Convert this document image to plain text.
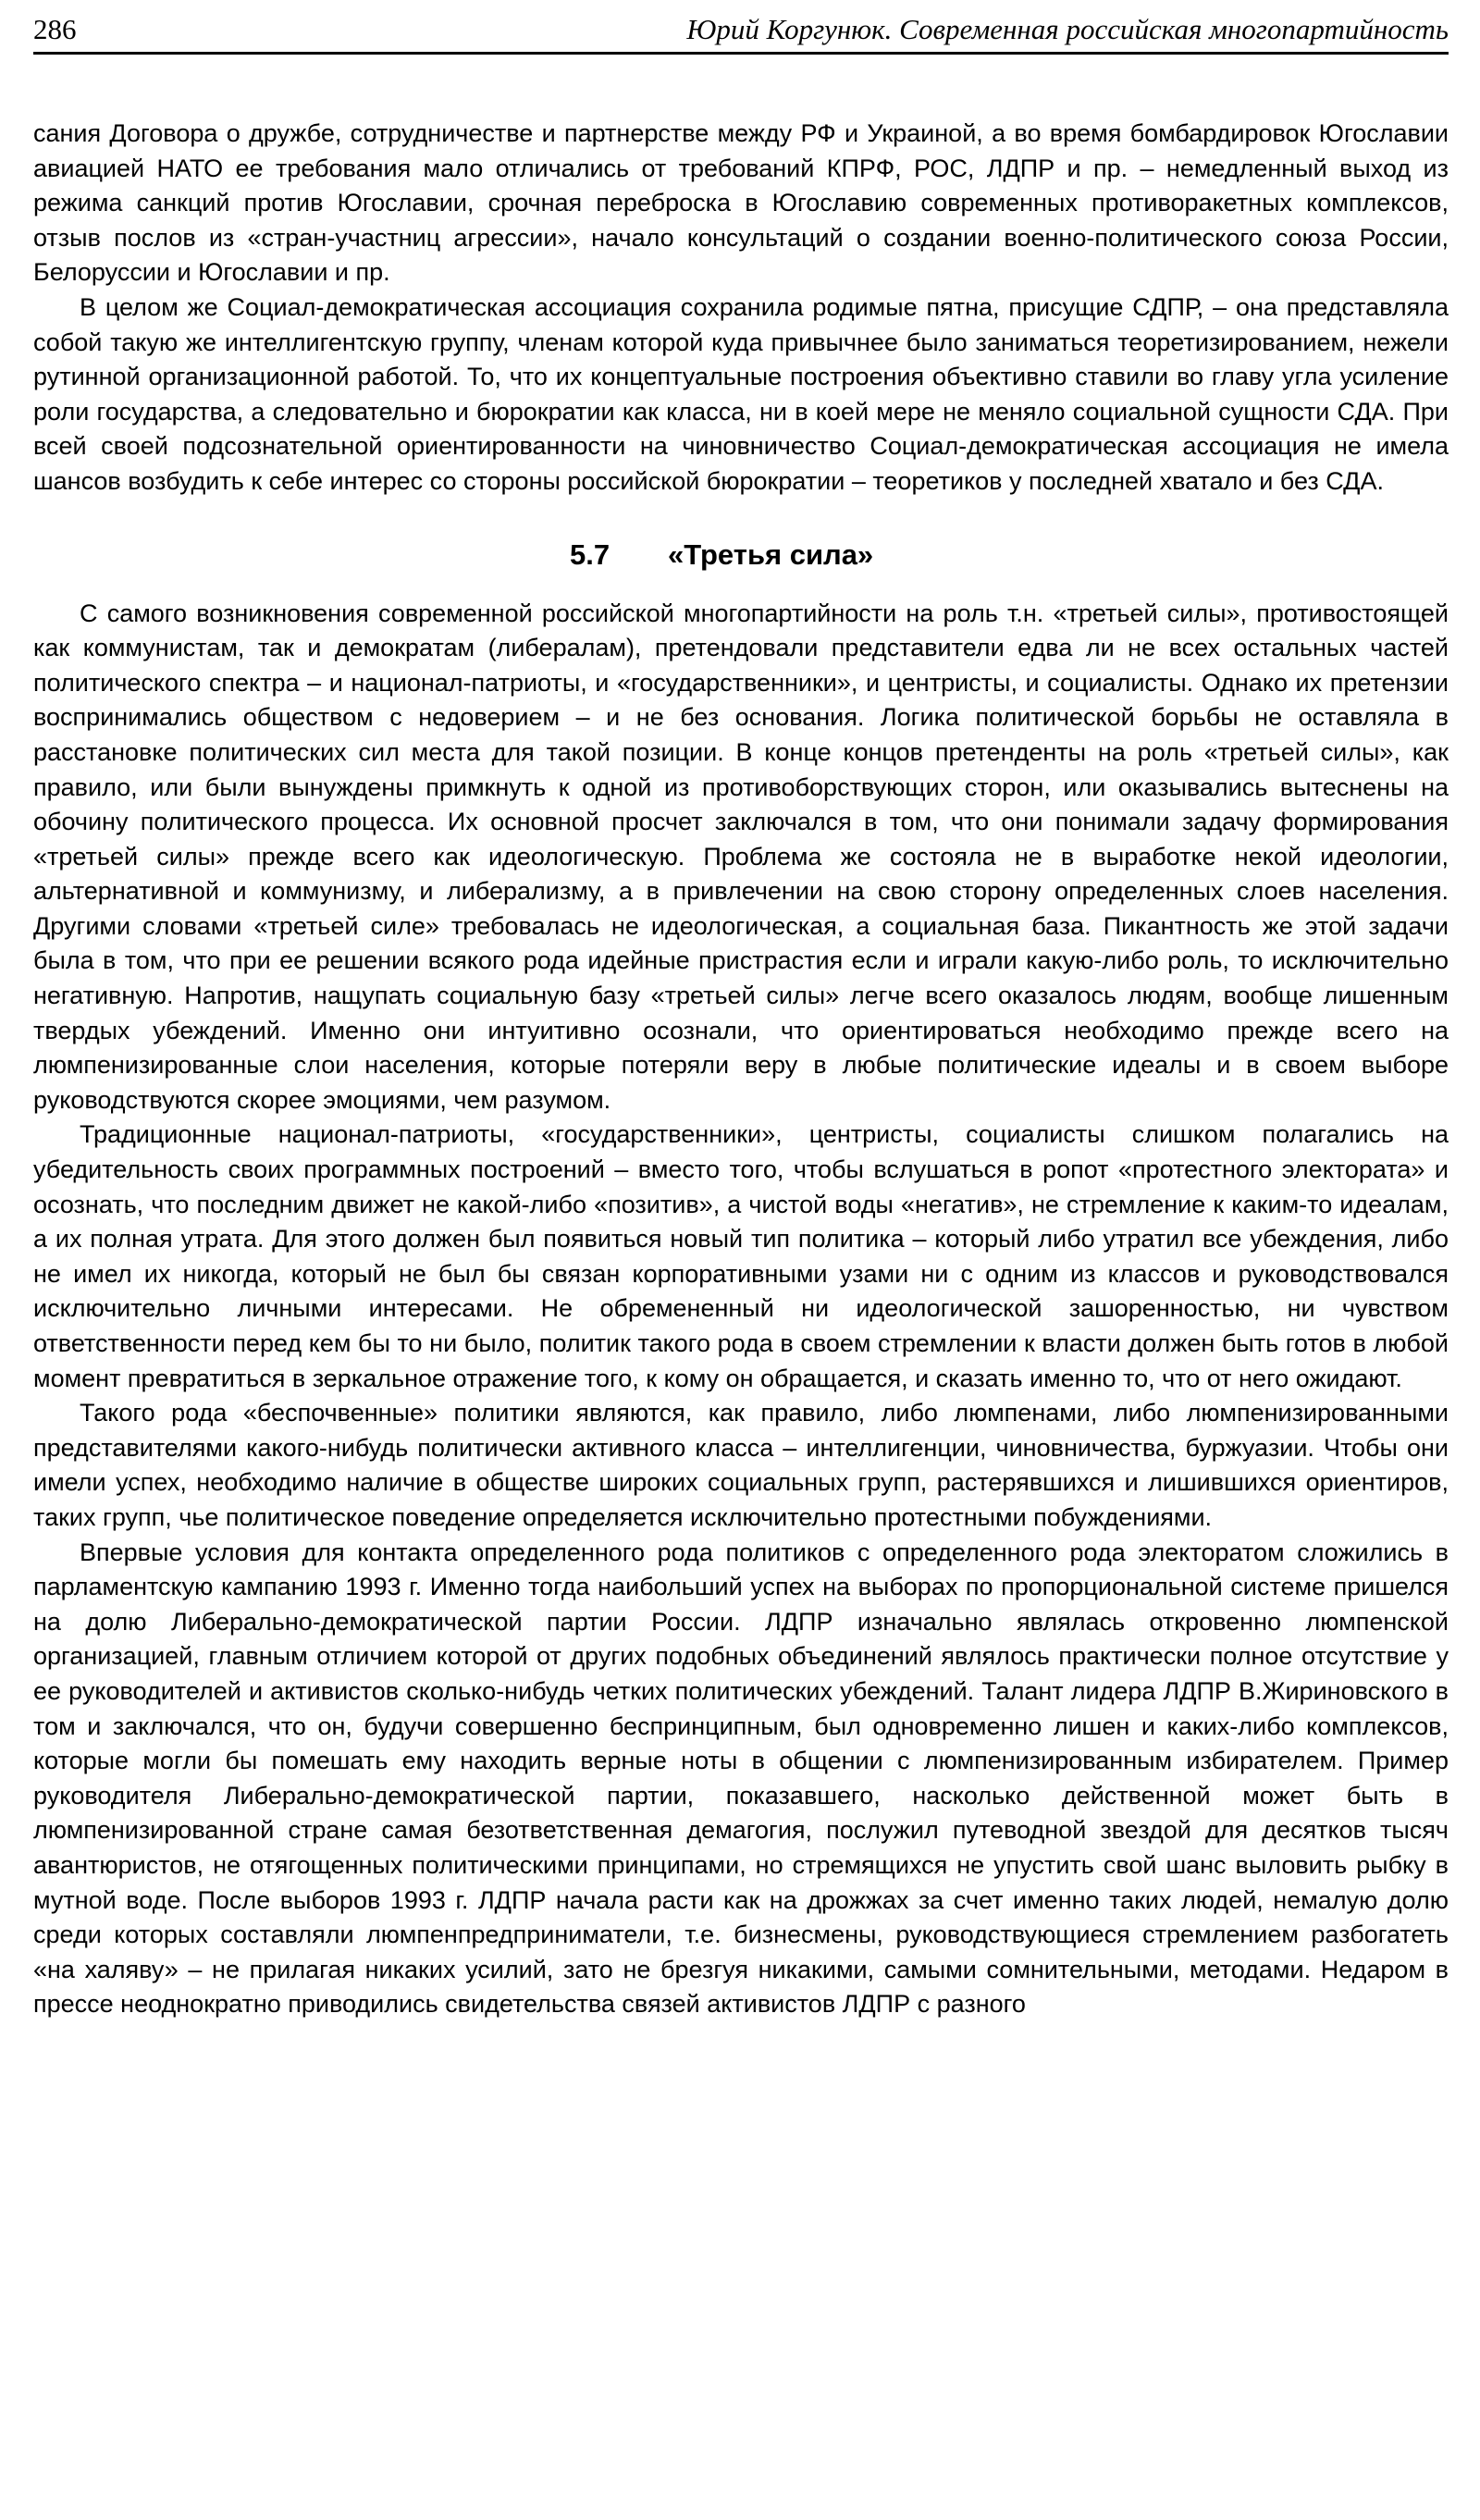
286	Юрий Коргунюк. Современная российская многопартийность

сания Договора о дружбе, сотрудничестве и партнерстве между РФ и Украиной, а во время бомбардировок Югославии авиацией НАТО ее требования мало отличались от требований КПРФ, РОС, ЛДПР и пр. – немедленный выход из режима санкций против Югославии, срочная переброска в Югославию современных противоракетных комплексов, отзыв послов из «стран-участниц агрессии», начало консультаций о создании военно-политического союза России, Белоруссии и Югославии и пр.

В целом же Социал-демократическая ассоциация сохранила родимые пятна, присущие СДПР, – она представляла собой такую же интеллигентскую группу, членам которой куда привычнее было заниматься теоретизированием, нежели рутинной организационной работой. То, что их концептуальные построения объективно ставили во главу угла усиление роли государства, а следовательно и бюрократии как класса, ни в коей мере не меняло социальной сущности СДА. При всей своей подсознательной ориентированности на чиновничество Социал-демократическая ассоциация не имела шансов возбудить к себе интерес со стороны российской бюрократии – теоретиков у последней хватало и без СДА.

5.7 «Третья сила»

С самого возникновения современной российской многопартийности на роль т.н. «третьей силы», противостоящей как коммунистам, так и демократам (либералам), претендовали представители едва ли не всех остальных частей политического спектра – и национал-патриоты, и «государственники», и центристы, и социалисты. Однако их претензии воспринимались обществом с недоверием – и не без основания. Логика политической борьбы не оставляла в расстановке политических сил места для такой позиции. В конце концов претенденты на роль «третьей силы», как правило, или были вынуждены примкнуть к одной из противоборствующих сторон, или оказывались вытеснены на обочину политического процесса. Их основной просчет заключался в том, что они понимали задачу формирования «третьей силы» прежде всего как идеологическую. Проблема же состояла не в выработке некой идеологии, альтернативной и коммунизму, и либерализму, а в привлечении на свою сторону определенных слоев населения. Другими словами «третьей силе» требовалась не идеологическая, а социальная база. Пикантность же этой задачи была в том, что при ее решении всякого рода идейные пристрастия если и играли какую-либо роль, то исключительно негативную. Напротив, нащупать социальную базу «третьей силы» легче всего оказалось людям, вообще лишенным твердых убеждений. Именно они интуитивно осознали, что ориентироваться необходимо прежде всего на люмпенизированные слои населения, которые потеряли веру в любые политические идеалы и в своем выборе руководствуются скорее эмоциями, чем разумом.

Традиционные национал-патриоты, «государственники», центристы, социалисты слишком полагались на убедительность своих программных построений – вместо того, чтобы вслушаться в ропот «протестного электората» и осознать, что последним движет не какой-либо «позитив», а чистой воды «негатив», не стремление к каким-то идеалам, а их полная утрата. Для этого должен был появиться новый тип политика – который либо утратил все убеждения, либо не имел их никогда, который не был бы связан корпоративными узами ни с одним из классов и руководствовался исключительно личными интересами. Не обремененный ни идеологической зашоренностью, ни чувством ответственности перед кем бы то ни было, политик такого рода в своем стремлении к власти должен быть готов в любой момент превратиться в зеркальное отражение того, к кому он обращается, и сказать именно то, что от него ожидают.

Такого рода «беспочвенные» политики являются, как правило, либо люмпенами, либо люмпенизированными представителями какого-нибудь политически активного класса – интеллигенции, чиновничества, буржуазии. Чтобы они имели успех, необходимо наличие в обществе широких социальных групп, растерявшихся и лишившихся ориентиров, таких групп, чье политическое поведение определяется исключительно протестными побуждениями.

Впервые условия для контакта определенного рода политиков с определенного рода электоратом сложились в парламентскую кампанию 1993 г. Именно тогда наибольший успех на выборах по пропорциональной системе пришелся на долю Либерально-демократической партии России. ЛДПР изначально являлась откровенно люмпенской организацией, главным отличием которой от других подобных объединений являлось практически полное отсутствие у ее руководителей и активистов сколько-нибудь четких политических убеждений. Талант лидера ЛДПР В.Жириновского в том и заключался, что он, будучи совершенно беспринципным, был одновременно лишен и каких-либо комплексов, которые могли бы помешать ему находить верные ноты в общении с люмпенизированным избирателем. Пример руководителя Либерально-демократической партии, показавшего, насколько действенной может быть в люмпенизированной стране самая безответственная демагогия, послужил путеводной звездой для десятков тысяч авантюристов, не отягощенных политическими принципами, но стремящихся не упустить свой шанс выловить рыбку в мутной воде. После выборов 1993 г. ЛДПР начала расти как на дрожжах за счет именно таких людей, немалую долю среди которых составляли люмпенпредприниматели, т.е. бизнесмены, руководствующиеся стремлением разбогатеть «на халяву» – не прилагая никаких усилий, зато не брезгуя никакими, самыми сомнительными, методами. Недаром в прессе неоднократно приводились свидетельства связей активистов ЛДПР с разного
